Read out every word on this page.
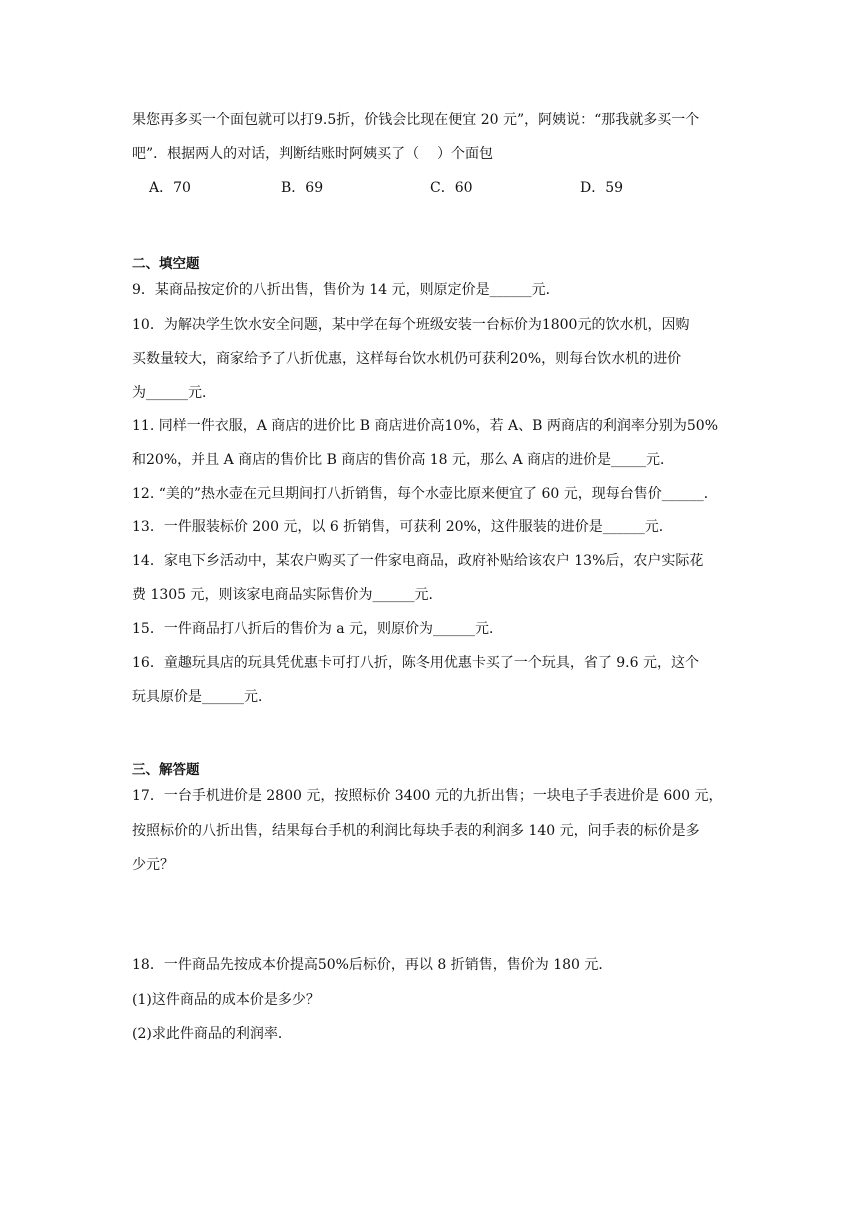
果您再多买一个面包就可以打9.5折，价钱会比现在便宜 20 元”，阿姨说：“那我就多买一个
吧”．根据两人的对话，判断结账时阿姨买了（    ）个面包
A．70	B．69	C．60	D．59
二、填空题
9．某商品按定价的八折出售，售价为 14 元，则原定价是______元．
10．为解决学生饮水安全问题，某中学在每个班级安装一台标价为1800元的饮水机，因购
买数量较大，商家给予了八折优惠，这样每台饮水机仍可获利20%，则每台饮水机的进价
为______元．
11. 同样一件衣服，A 商店的进价比 B 商店进价高10%，若 A、B 两商店的利润率分别为50%
和20%，并且 A 商店的售价比 B 商店的售价高 18 元，那么 A 商店的进价是_____元．
12. “美的”热水壶在元旦期间打八折销售，每个水壶比原来便宜了 60 元，现每台售价______．
13．一件服装标价 200 元，以 6 折销售，可获利 20%，这件服装的进价是______元．
14．家电下乡活动中，某农户购买了一件家电商品，政府补贴给该农户 13%后，农户实际花
费 1305 元，则该家电商品实际售价为______元．
15．一件商品打八折后的售价为 a 元，则原价为______元．
16．童趣玩具店的玩具凭优惠卡可打八折，陈冬用优惠卡买了一个玩具，省了 9.6 元，这个
玩具原价是______元．
三、解答题
17．一台手机进价是 2800 元，按照标价 3400 元的九折出售；一块电子手表进价是 600 元，
按照标价的八折出售，结果每台手机的利润比每块手表的利润多 140 元，问手表的标价是多
少元？
18．一件商品先按成本价提高50%后标价，再以 8 折销售，售价为 180 元．
(1)这件商品的成本价是多少？
(2)求此件商品的利润率．
